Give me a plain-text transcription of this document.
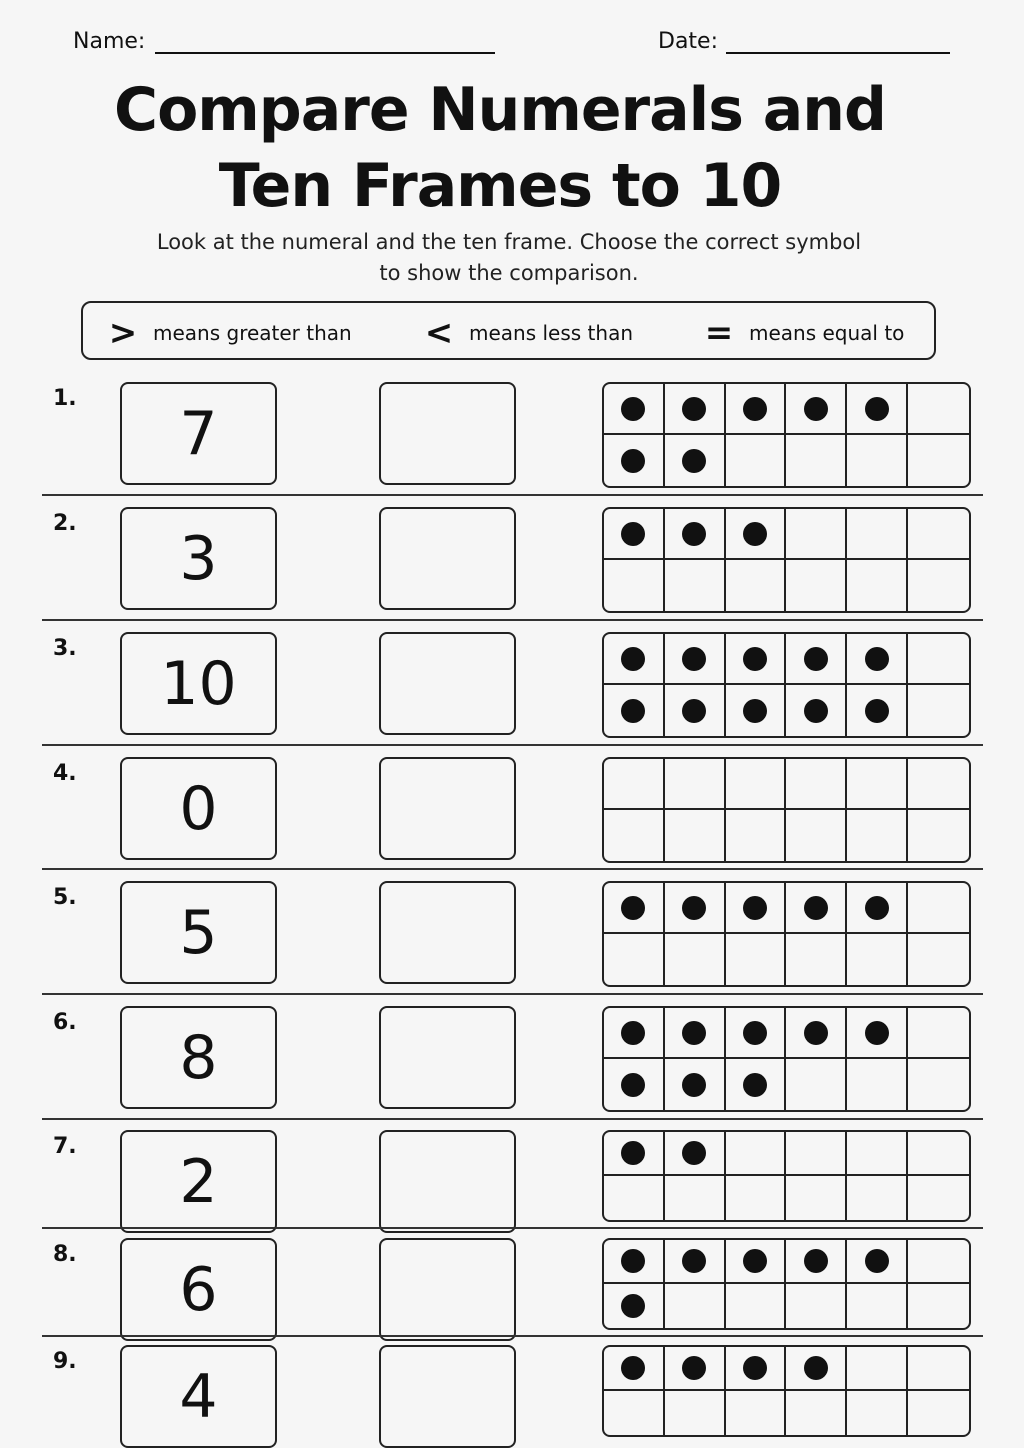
Name:	Date:
Compare Numerals and
Ten Frames to 10
Look at the numeral and the ten frame. Choose the correct symbol
to show the comparison.
> means greater than < means less than = means equal to
1. 7
2. 3
3. 10
4. 0
5. 5
6. 8
7. 2
8. 6
9. 4
